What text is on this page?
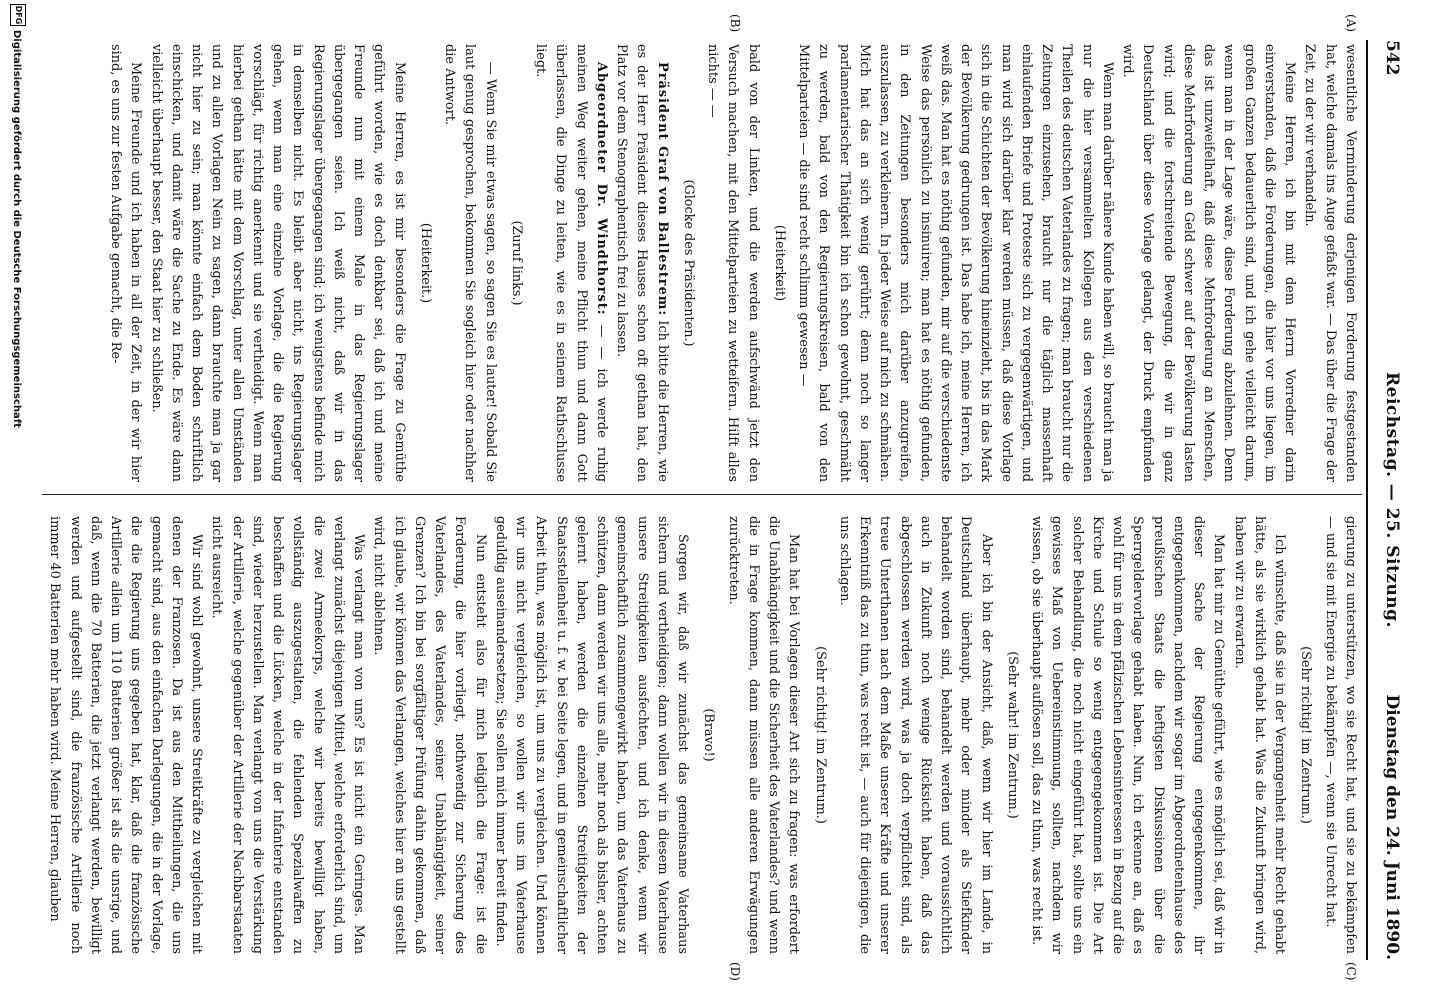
542
Reichstag. — 25. Sitzung.
Dienstag den 24. Juni 1890.
(A)
(B)
(C)
(D)

wesentliche Verminderung derjenigen Forderung festgestanden hat, welche damals ins Auge gefaßt war. — Das über die Frage der Zeit, zu der wir verhandeln.

Meine Herren, ich bin mit dem Herrn Vorredner darin einverstanden, daß die Forderungen, die hier vor uns liegen, im großen Ganzen bedauerlich sind, und ich gehe vielleicht darum, wenn man in der Lage wäre, diese Forderung abzulehnen. Denn das ist unzweifelhaft, daß diese Mehrforderung an Menschen, diese Mehrforderung an Geld schwer auf der Bevölkerung lasten wird; und die fortschreitende Bewegung, die wir in ganz Deutschland über diese Vorlage gelangt, der Druck empfunden wird.

Wenn man darüber nähere Kunde haben will, so braucht man ja nur die hier versammelten Kollegen aus den verschiedenen Theilen des deutschen Vaterlandes zu fragen; man braucht nur die Zeitungen einzusehen, braucht nur die täglich massenhaft einlaufenden Briefe und Proteste sich zu vergegenwärtigen, und man wird sich darüber klar werden müssen, daß diese Vorlage sich in die Schichten der Bevölkerung hineinzieht, bis in das Mark der Bevölkerung gedrungen ist. Das habe ich, meine Herren, ich weiß das. Man hat es nöthig gefunden, mir auf die verschiedenste Weise das persönlich zu insinuiren; man hat es nöthig gefunden, in den Zeitungen besonders mich darüber anzugreifen, auszulassen, zu verkleinern. In jeder Weise auf mich zu schmähen. Mich hat das an sich wenig gerührt; denn noch so langer parlamentarischer Thätigkeit bin ich schon gewohnt, geschmäht zu werden, bald von den Regierungskreisen, bald von den Mittelparteien — die sind recht schlimm gewesen —

(Heiterkeit)

bald von der Linken, und die werden aufschwänd jetzt den Versuch machen, mit den Mittelparteien zu wetteifern. Hilft alles nichts — —

(Glocke des Präsidenten.)

Präsident Graf von Ballestrem: Ich bitte die Herren, wie es der Herr Präsident dieses Hauses schon oft gethan hat, den Platz vor dem Stenographentisch frei zu lassen.

Abgeordneter Dr. Windthorst: — — ich werde ruhig meinen Weg weiter gehen, meine Pflicht thun und dann Gott überlassen, die Dinge zu leiten, wie es in seinem Rathschlusse liegt.

(Zuruf links.)

— Wenn Sie mir etwas sagen, so sagen Sie es lauter! Sobald Sie laut genug gesprochen, bekommen Sie sogleich hier oder nachher die Antwort.

(Heiterkeit.)

Meine Herren, es ist mir besonders die Frage zu Gemüthe geführt worden, wie es doch denkbar sei, daß ich und meine Freunde nun mit einem Male in das Regierungslager übergegangen seien. Ich weiß nicht, daß wir in das Regierungslager übergegangen sind; ich wenigstens befinde mich in demselben nicht. Es bleibt aber nicht, ins Regierungslager gehen, wenn man eine einzelne Vorlage, die die Regierung vorschlägt, für richtig anerkennt und sie vertheidigt. Wenn man hierbei gethan hätte mit dem Vorschlag, unter allen Umständen und zu allen Vorlagen Nein zu sagen, dann brauchte man ja gar nicht hier zu sein; man könnte einfach dem Boden schriftlich einschicken, und damit wäre die Sache zu Ende. Es wäre dann vielleicht überhaupt besser, den Staat hier zu schließen.

Meine Freunde und ich haben in all der Zeit, in der wir hier sind, es uns zur festen Aufgabe gemacht, die Re-

gierung zu unterstützen, wo sie Recht hat, und sie zu bekämpfen — und sie mit Energie zu bekämpfen —, wenn sie Unrecht hat.

(Sehr richtig! im Zentrum.)

Ich wünschte, daß sie in der Vergangenheit mehr Recht gehabt hätte, als sie wirklich gehabt hat. Was die Zukunft bringen wird, haben wir zu erwarten.

Man hat mir zu Gemüthe geführt, wie es möglich sei, daß wir in dieser Sache der Regierung entgegenkommen, ihr entgegenkommen, nachdem wir sogar im Abgeordnetenhause des preußischen Staats die heftigsten Diskussionen über die Sperrgeldervorlage gehabt haben. Nun, ich erkenne an, daß es wohl für uns in dem pfälzischen Lebensinteressen in Bezug auf die Kirche und Schule so wenig entgegengekommen ist. Die Art solcher Behandlung, die noch nicht eingeführt hat, sollte uns ein gewisses Maß von Uebereinstimmung, sollten, nachdem wir wissen, ob sie überhaupt auflösen soll, das zu thun, was recht ist.

(Sehr wahr! im Zentrum.)

Aber ich bin der Ansicht, daß, wenn wir hier im Lande, in Deutschland überhaupt, mehr oder minder als Stiefkinder behandelt worden sind, behandelt werden und voraussichtlich auch in Zukunft noch wenige Rücksicht haben, daß das abgeschlossen werden wird, was ja doch verpflichtet sind, als treue Unterthanen nach dem Maße unserer Kräfte und unserer Erkenntniß das zu thun, was recht ist, — auch für diejenigen, die uns schlagen.

(Sehr richtig! im Zentrum.)

Man hat bei Vorlagen dieser Art sich zu fragen: was erfordert die Unabhängigkeit und die Sicherheit des Vaterlandes? und wenn die in Frage kommen, dann müssen alle anderen Erwägungen zurücktreten.

(Bravo!)

Sorgen wir, daß wir zunächst das gemeinsame Vaterhaus sichern und vertheidigen; dann wollen wir in diesem Vaterhause unsere Streitigkeiten ausfechten, und ich denke, wenn wir gemeinschaftlich zusammengewirkt haben, um das Vaterhaus zu schützen, dann werden wir uns alle, mehr noch als bisher, achten gelernt haben, werden die einzelnen Streitigkeiten der Staatsstellenheit u. f. w. bei Seite legen, und in gemeinschaftlicher Arbeit thun, was möglich ist, um uns zu vergleichen. Und können wir uns nicht vergleichen, so wollen wir uns im Vaterhause geduldig auseinandersetzen; Sie sollen mich immer bereit finden.

Nun entsteht also für mich lediglich die Frage: ist die Forderung, die hier vorliegt, nothwendig zur Sicherung des Vaterlandes, des Vaterlandes, seiner Unabhängigkeit, seiner Grenzen? Ich bin bei sorgfältiger Prüfung dahin gekommen, daß ich glaube, wir können das Verlangen, welches hier an uns gestellt wird, nicht ablehnen.

Was verlangt man von uns? Es ist nicht ein Geringes. Man verlangt zunächst diejenigen Mittel, welche erforderlich sind, um die zwei Armeekorps, welche wir bereits bewilligt haben, vollständig auszugestalten, die fehlenden Spezialwaffen zu beschaffen und die Lücken, welche in der Infanterie entstanden sind, wieder herzustellen. Man verlangt von uns die Verstärkung der Artillerie, welche gegenüber der Artillerie der Nachbarstaaten nicht ausreicht.

Wir sind wohl gewohnt, unsere Streitkräfte zu vergleichen mit denen der Franzosen. Da ist aus den Mittheilungen, die uns gemacht sind, aus den einfachen Darlegungen, die in der Vorlage, die die Regierung uns gegeben hat, klar, daß die französische Artillerie allein um 110 Batterien größer ist als die unsrige, und daß, wenn die 70 Batterien, die jetzt verlangt werden, bewilligt werden und aufgestellt sind, die französische Artillerie noch immer 40 Batterien mehr haben wird. Meine Herren, glauben

DFG
Digitalisierung gefördert durch die Deutsche Forschungsgemeinschaft
